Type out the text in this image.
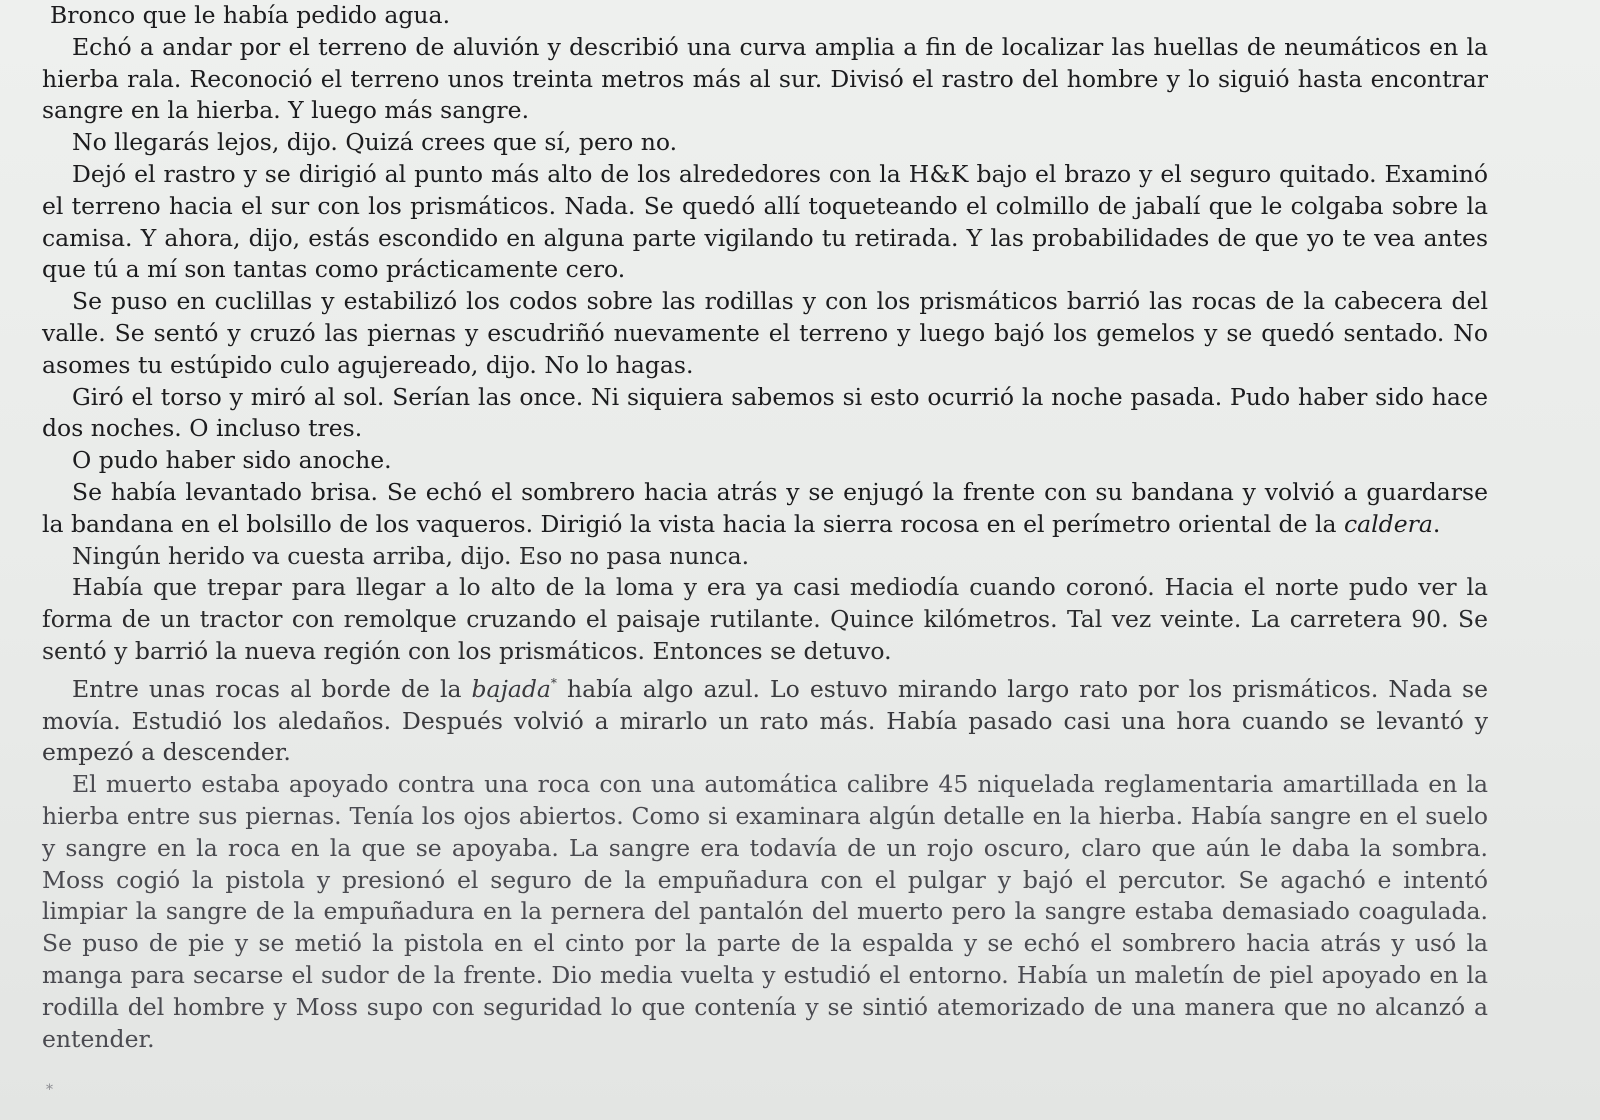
Bronco que le había pedido agua.

Echó a andar por el terreno de aluvión y describió una curva amplia a fin de localizar las huellas de neumáticos en la hierba rala. Reconoció el terreno unos treinta metros más al sur. Divisó el rastro del hombre y lo siguió hasta encontrar sangre en la hierba. Y luego más sangre.

No llegarás lejos, dijo. Quizá crees que sí, pero no.

Dejó el rastro y se dirigió al punto más alto de los alrededores con la H&K bajo el brazo y el seguro quitado. Examinó el terreno hacia el sur con los prismáticos. Nada. Se quedó allí toqueteando el colmillo de jabalí que le colgaba sobre la camisa. Y ahora, dijo, estás escondido en alguna parte vigilando tu retirada. Y las probabilidades de que yo te vea antes que tú a mí son tantas como prácticamente cero.

Se puso en cuclillas y estabilizó los codos sobre las rodillas y con los prismáticos barrió las rocas de la cabecera del valle. Se sentó y cruzó las piernas y escudriñó nuevamente el terreno y luego bajó los gemelos y se quedó sentado. No asomes tu estúpido culo agujereado, dijo. No lo hagas.

Giró el torso y miró al sol. Serían las once. Ni siquiera sabemos si esto ocurrió la noche pasada. Pudo haber sido hace dos noches. O incluso tres.

O pudo haber sido anoche.

Se había levantado brisa. Se echó el sombrero hacia atrás y se enjugó la frente con su bandana y volvió a guardarse la bandana en el bolsillo de los vaqueros. Dirigió la vista hacia la sierra rocosa en el perímetro oriental de la caldera.

Ningún herido va cuesta arriba, dijo. Eso no pasa nunca.

Había que trepar para llegar a lo alto de la loma y era ya casi mediodía cuando coronó. Hacia el norte pudo ver la forma de un tractor con remolque cruzando el paisaje rutilante. Quince kilómetros. Tal vez veinte. La carretera 90. Se sentó y barrió la nueva región con los prismáticos. Entonces se detuvo.

Entre unas rocas al borde de la bajada* había algo azul. Lo estuvo mirando largo rato por los prismáticos. Nada se movía. Estudió los aledaños. Después volvió a mirarlo un rato más. Había pasado casi una hora cuando se levantó y empezó a descender.

El muerto estaba apoyado contra una roca con una automática calibre 45 niquelada reglamentaria amartillada en la hierba entre sus piernas. Tenía los ojos abiertos. Como si examinara algún detalle en la hierba. Había sangre en el suelo y sangre en la roca en la que se apoyaba. La sangre era todavía de un rojo oscuro, claro que aún le daba la sombra. Moss cogió la pistola y presionó el seguro de la empuñadura con el pulgar y bajó el percutor. Se agachó e intentó limpiar la sangre de la empuñadura en la pernera del pantalón del muerto pero la sangre estaba demasiado coagulada. Se puso de pie y se metió la pistola en el cinto por la parte de la espalda y se echó el sombrero hacia atrás y usó la manga para secarse el sudor de la frente. Dio media vuelta y estudió el entorno. Había un maletín de piel apoyado en la rodilla del hombre y Moss supo con seguridad lo que contenía y se sintió atemorizado de una manera que no alcanzó a entender.

*
